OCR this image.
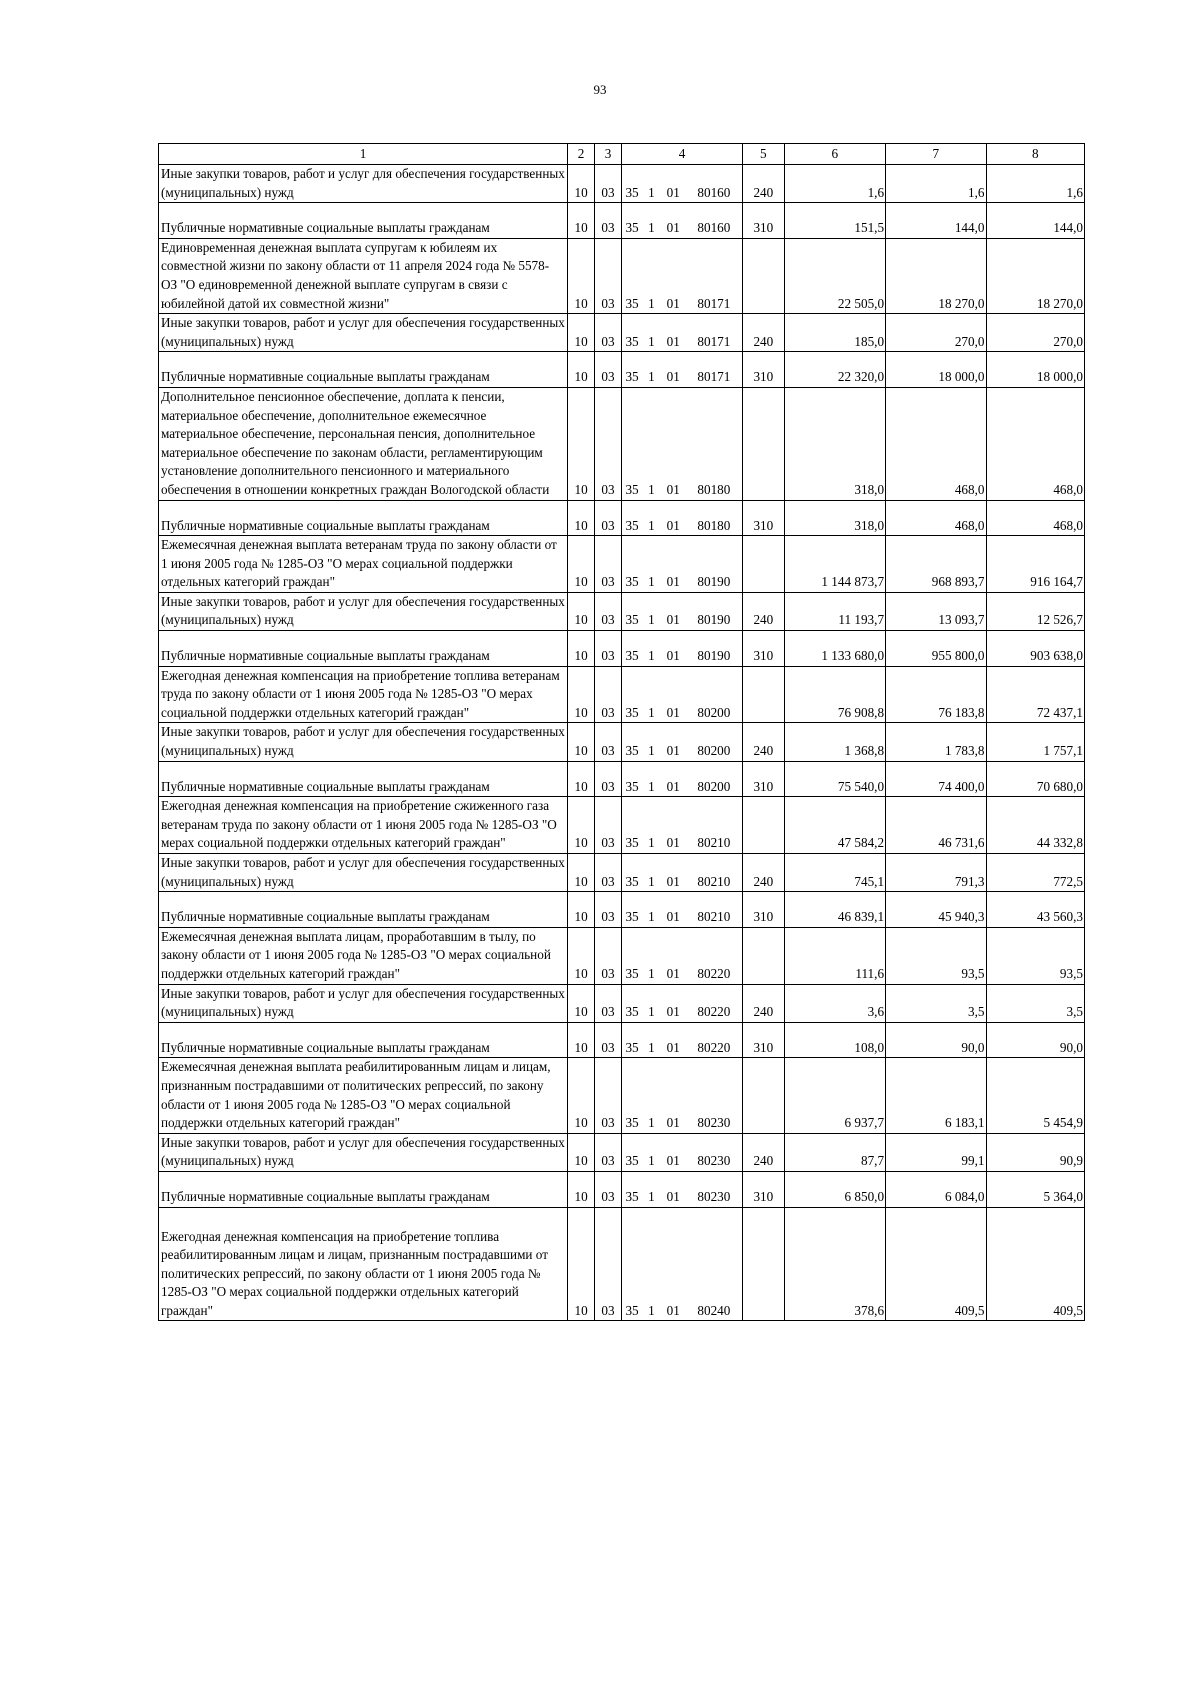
93
1	2	3	4				5	6	7	8
Иные закупки товаров, работ и услуг для обеспечения государственных (муниципальных) нужд	10	03	35	1	01	80160	240	1,6	1,6	1,6
Публичные нормативные социальные выплаты гражданам	10	03	35	1	01	80160	310	151,5	144,0	144,0
Единовременная денежная выплата супругам к юбилеям их совместной жизни по закону области от 11 апреля 2024 года № 5578-ОЗ "О единовременной денежной выплате супругам в связи с юбилейной датой их совместной жизни"	10	03	35	1	01	80171		22 505,0	18 270,0	18 270,0
Иные закупки товаров, работ и услуг для обеспечения государственных (муниципальных) нужд	10	03	35	1	01	80171	240	185,0	270,0	270,0
Публичные нормативные социальные выплаты гражданам	10	03	35	1	01	80171	310	22 320,0	18 000,0	18 000,0
Дополнительное пенсионное обеспечение, доплата к пенсии, материальное обеспечение, дополнительное ежемесячное материальное обеспечение, персональная пенсия, дополнительное материальное обеспечение по законам области, регламентирующим установление дополнительного пенсионного и материального обеспечения в отношении конкретных граждан Вологодской области	10	03	35	1	01	80180		318,0	468,0	468,0
Публичные нормативные социальные выплаты гражданам	10	03	35	1	01	80180	310	318,0	468,0	468,0
Ежемесячная денежная выплата ветеранам труда по закону области от 1 июня 2005 года № 1285-ОЗ "О мерах социальной поддержки отдельных категорий граждан"	10	03	35	1	01	80190		1 144 873,7	968 893,7	916 164,7
Иные закупки товаров, работ и услуг для обеспечения государственных (муниципальных) нужд	10	03	35	1	01	80190	240	11 193,7	13 093,7	12 526,7
Публичные нормативные социальные выплаты гражданам	10	03	35	1	01	80190	310	1 133 680,0	955 800,0	903 638,0
Ежегодная денежная компенсация на приобретение топлива ветеранам труда по закону области от 1 июня 2005 года № 1285-ОЗ "О мерах социальной поддержки отдельных категорий граждан"	10	03	35	1	01	80200		76 908,8	76 183,8	72 437,1
Иные закупки товаров, работ и услуг для обеспечения государственных (муниципальных) нужд	10	03	35	1	01	80200	240	1 368,8	1 783,8	1 757,1
Публичные нормативные социальные выплаты гражданам	10	03	35	1	01	80200	310	75 540,0	74 400,0	70 680,0
Ежегодная денежная компенсация на приобретение сжиженного газа ветеранам труда по закону области от 1 июня 2005 года № 1285-ОЗ "О мерах социальной поддержки отдельных категорий граждан"	10	03	35	1	01	80210		47 584,2	46 731,6	44 332,8
Иные закупки товаров, работ и услуг для обеспечения государственных (муниципальных) нужд	10	03	35	1	01	80210	240	745,1	791,3	772,5
Публичные нормативные социальные выплаты гражданам	10	03	35	1	01	80210	310	46 839,1	45 940,3	43 560,3
Ежемесячная денежная выплата лицам, проработавшим в тылу, по закону области от 1 июня 2005 года № 1285-ОЗ "О мерах социальной поддержки отдельных категорий граждан"	10	03	35	1	01	80220		111,6	93,5	93,5
Иные закупки товаров, работ и услуг для обеспечения государственных (муниципальных) нужд	10	03	35	1	01	80220	240	3,6	3,5	3,5
Публичные нормативные социальные выплаты гражданам	10	03	35	1	01	80220	310	108,0	90,0	90,0
Ежемесячная денежная выплата реабилитированным лицам и лицам, признанным пострадавшими от политических репрессий, по закону области от 1 июня 2005 года № 1285-ОЗ "О мерах социальной поддержки отдельных категорий граждан"	10	03	35	1	01	80230		6 937,7	6 183,1	5 454,9
Иные закупки товаров, работ и услуг для обеспечения государственных (муниципальных) нужд	10	03	35	1	01	80230	240	87,7	99,1	90,9
Публичные нормативные социальные выплаты гражданам	10	03	35	1	01	80230	310	6 850,0	6 084,0	5 364,0
Ежегодная денежная компенсация на приобретение топлива реабилитированным лицам и лицам, признанным пострадавшими от политических репрессий, по закону области от 1 июня 2005 года № 1285-ОЗ "О мерах социальной поддержки отдельных категорий граждан"	10	03	35	1	01	80240		378,6	409,5	409,5
